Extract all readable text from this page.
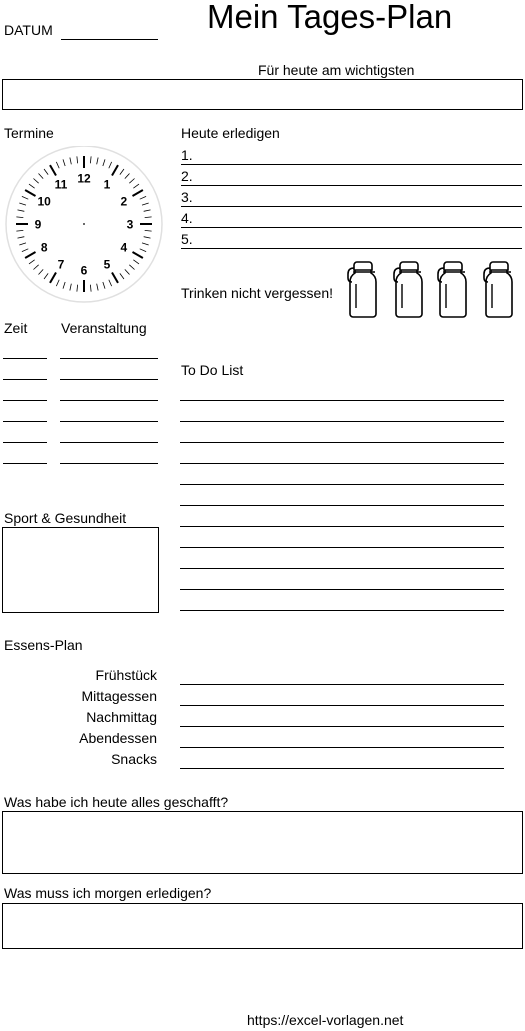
DATUM	Mein Tages-Plan
Für heute am wichtigsten
Termine
12 1
2
3
4
5
6
7
8
9
10
11
Heute erledigen
1.
2.
3.
4.
5.
Trinken nicht vergessen!
Zeit Veranstaltung
To Do List
Sport & Gesundheit
Essens-Plan
Frühstück
Mittagessen
Nachmittag
Abendessen
Snacks
Was habe ich heute alles geschafft?
Was muss ich morgen erledigen?
https://excel-vorlagen.net
